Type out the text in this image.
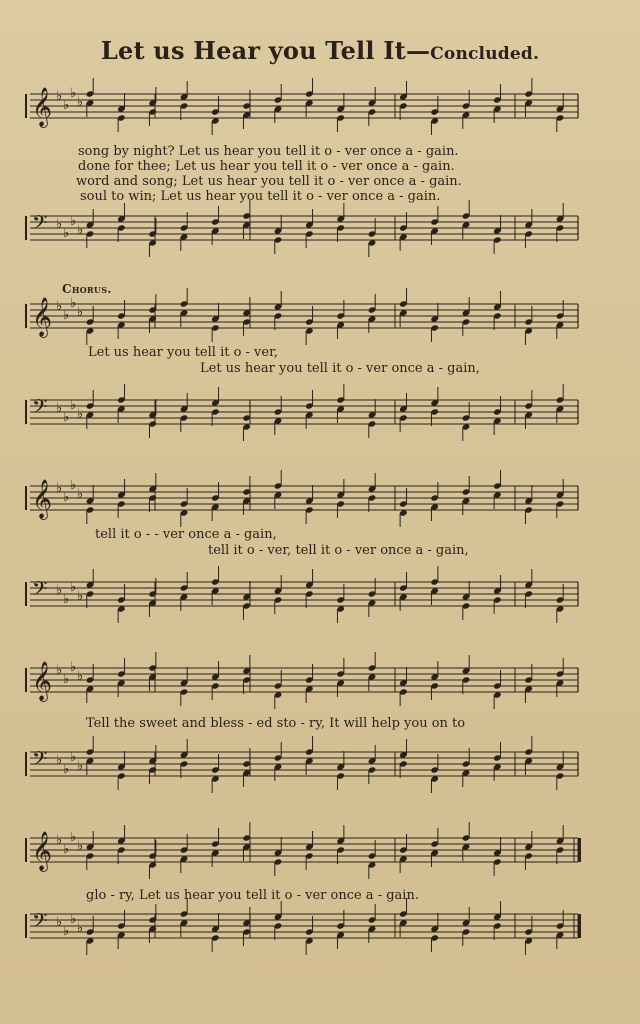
Let us Hear you Tell It—Concluded.
𝄞 ♭
♭
♭
♭
𝄢 ♭
♭
♭
♭
song by night? Let us hear you tell it o - ver once a - gain.
done for thee; Let us hear you tell it o - ver once a - gain.
word and song; Let us hear you tell it o - ver once a - gain.
soul to win; Let us hear you tell it o - ver once a - gain.
Chorus.
𝄞 ♭
♭
♭
♭
𝄢 ♭
♭
♭
♭
Let us hear you tell it o - ver,
Let us hear you tell it o - ver once a - gain,
𝄞 ♭
♭
♭
♭
𝄢 ♭
♭
♭
♭
tell it o - - ver once a - gain,
tell it o - ver, tell it o - ver once a - gain,
𝄞 ♭
♭
♭
♭
𝄢 ♭
♭
♭
♭
Tell the sweet and bless - ed sto - ry, It will help you on to
𝄞 ♭
♭
♭
♭
𝄢 ♭
♭
♭
♭
glo - ry, Let us hear you tell it o - ver once a - gain.
